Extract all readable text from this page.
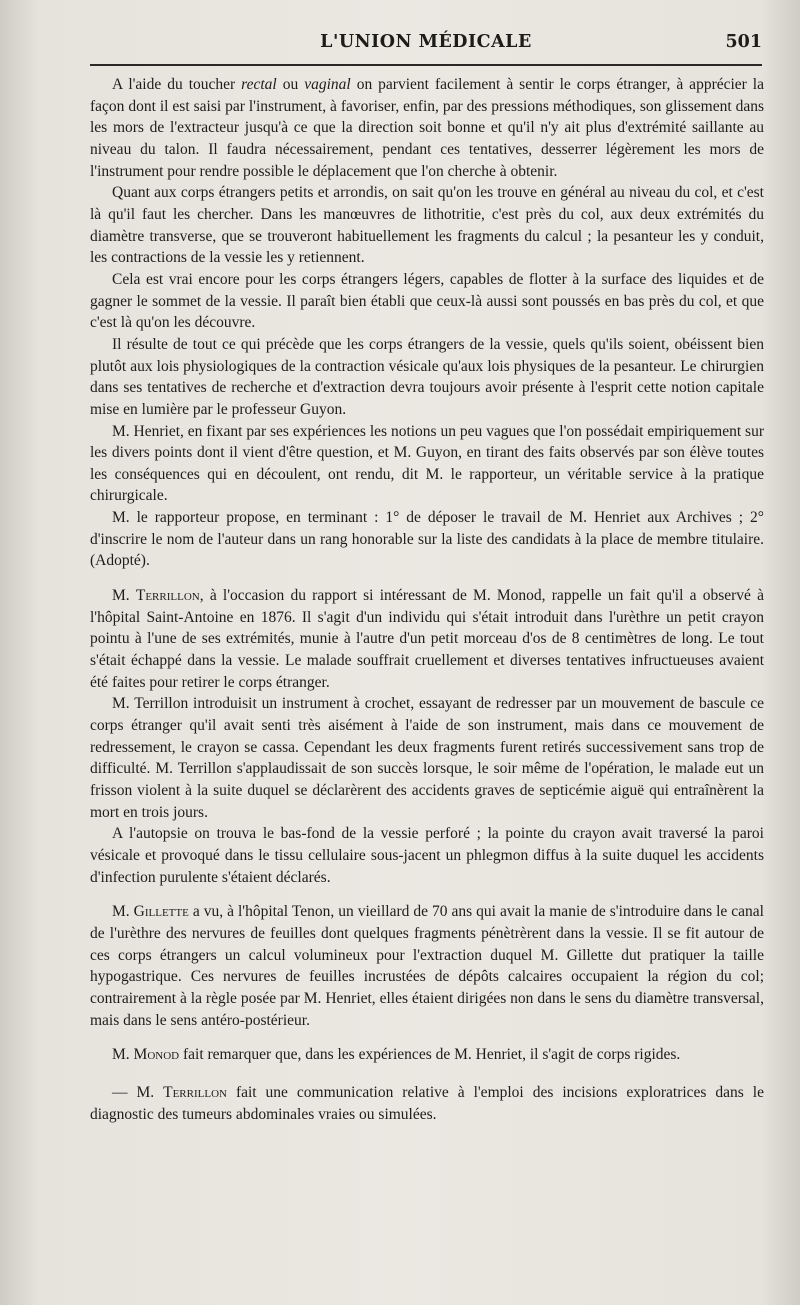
L'UNION MÉDICALE	501

A l'aide du toucher rectal ou vaginal on parvient facilement à sentir le corps étranger, à apprécier la façon dont il est saisi par l'instrument, à favoriser, enfin, par des pressions méthodiques, son glissement dans les mors de l'extracteur jusqu'à ce que la direction soit bonne et qu'il n'y ait plus d'extrémité saillante au niveau du talon. Il faudra nécessairement, pendant ces tentatives, desserrer légèrement les mors de l'instrument pour rendre possible le déplacement que l'on cherche à obtenir.

Quant aux corps étrangers petits et arrondis, on sait qu'on les trouve en général au niveau du col, et c'est là qu'il faut les chercher. Dans les manœuvres de lithotritie, c'est près du col, aux deux extrémités du diamètre transverse, que se trouveront habituellement les fragments du calcul ; la pesanteur les y conduit, les contractions de la vessie les y retiennent.

Cela est vrai encore pour les corps étrangers légers, capables de flotter à la surface des liquides et de gagner le sommet de la vessie. Il paraît bien établi que ceux-là aussi sont poussés en bas près du col, et que c'est là qu'on les découvre.

Il résulte de tout ce qui précède que les corps étrangers de la vessie, quels qu'ils soient, obéissent bien plutôt aux lois physiologiques de la contraction vésicale qu'aux lois physiques de la pesanteur. Le chirurgien dans ses tentatives de recherche et d'extraction devra toujours avoir présente à l'esprit cette notion capitale mise en lumière par le professeur Guyon.

M. Henriet, en fixant par ses expériences les notions un peu vagues que l'on possédait empiriquement sur les divers points dont il vient d'être question, et M. Guyon, en tirant des faits observés par son élève toutes les conséquences qui en découlent, ont rendu, dit M. le rapporteur, un véritable service à la pratique chirurgicale.

M. le rapporteur propose, en terminant : 1° de déposer le travail de M. Henriet aux Archives ; 2° d'inscrire le nom de l'auteur dans un rang honorable sur la liste des candidats à la place de membre titulaire. (Adopté).

M. Terrillon, à l'occasion du rapport si intéressant de M. Monod, rappelle un fait qu'il a observé à l'hôpital Saint-Antoine en 1876. Il s'agit d'un individu qui s'était introduit dans l'urèthre un petit crayon pointu à l'une de ses extrémités, munie à l'autre d'un petit morceau d'os de 8 centimètres de long. Le tout s'était échappé dans la vessie. Le malade souffrait cruellement et diverses tentatives infructueuses avaient été faites pour retirer le corps étranger.

M. Terrillon introduisit un instrument à crochet, essayant de redresser par un mouvement de bascule ce corps étranger qu'il avait senti très aisément à l'aide de son instrument, mais dans ce mouvement de redressement, le crayon se cassa. Cependant les deux fragments furent retirés successivement sans trop de difficulté. M. Terrillon s'applaudissait de son succès lorsque, le soir même de l'opération, le malade eut un frisson violent à la suite duquel se déclarèrent des accidents graves de septicémie aiguë qui entraînèrent la mort en trois jours.

A l'autopsie on trouva le bas-fond de la vessie perforé ; la pointe du crayon avait traversé la paroi vésicale et provoqué dans le tissu cellulaire sous-jacent un phlegmon diffus à la suite duquel les accidents d'infection purulente s'étaient déclarés.

M. Gillette a vu, à l'hôpital Tenon, un vieillard de 70 ans qui avait la manie de s'introduire dans le canal de l'urèthre des nervures de feuilles dont quelques fragments pénètrèrent dans la vessie. Il se fit autour de ces corps étrangers un calcul volumineux pour l'extraction duquel M. Gillette dut pratiquer la taille hypogastrique. Ces nervures de feuilles incrustées de dépôts calcaires occupaient la région du col; contrairement à la règle posée par M. Henriet, elles étaient dirigées non dans le sens du diamètre transversal, mais dans le sens antéro-postérieur.

M. Monod fait remarquer que, dans les expériences de M. Henriet, il s'agit de corps rigides.

— M. Terrillon fait une communication relative à l'emploi des incisions exploratrices dans le diagnostic des tumeurs abdominales vraies ou simulées.
